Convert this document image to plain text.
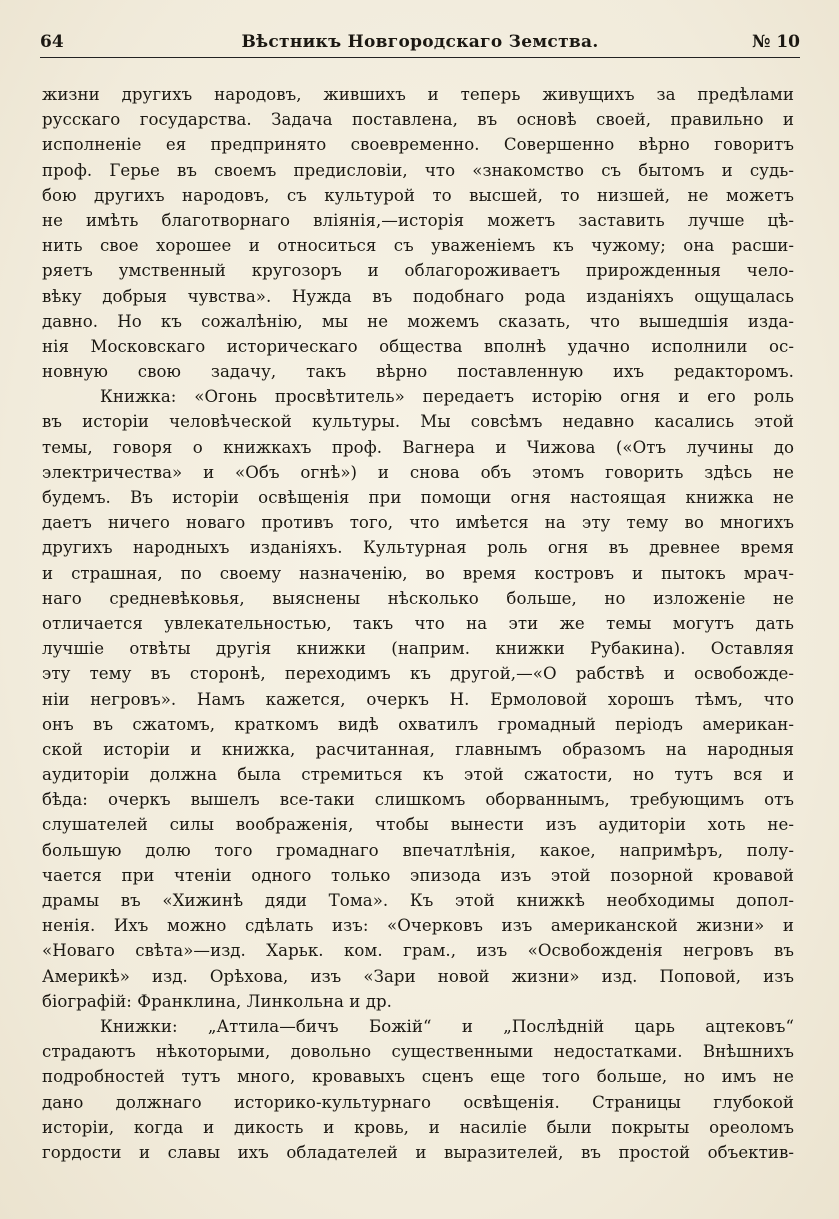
64	Вѣстникъ Новгородскаго Земства.	№ 10

жизни другихъ народовъ, жившихъ и теперь живущихъ за предѣлами
русскаго государства. Задача поставлена, въ основѣ своей, правильно и
исполненіе ея предпринято своевременно. Совершенно вѣрно говоритъ
проф. Герье въ своемъ предисловіи, что «знакомство съ бытомъ и судь-
бою другихъ народовъ, съ культурой то высшей, то низшей, не можетъ
не имѣть благотворнаго вліянія,—исторія можетъ заставить лучше цѣ-
нить свое хорошее и относиться съ уваженіемъ къ чужому; она расши-
ряетъ умственный кругозоръ и облагороживаетъ прирожденныя чело-
вѣку добрыя чувства». Нужда въ подобнаго рода изданіяхъ ощущалась
давно. Но къ сожалѣнію, мы не можемъ сказать, что вышедшія изда-
нія Московскаго историческаго общества вполнѣ удачно исполнили ос-
новную свою задачу, такъ вѣрно поставленную ихъ редакторомъ.

Книжка: «Огонь просвѣтитель» передаетъ исторію огня и его роль
въ исторіи человѣческой культуры. Мы совсѣмъ недавно касались этой
темы, говоря о книжкахъ проф. Вагнера и Чижова («Отъ лучины до
электричества» и «Объ огнѣ») и снова объ этомъ говорить здѣсь не
будемъ. Въ исторіи освѣщенія при помощи огня настоящая книжка не
даетъ ничего новаго противъ того, что имѣется на эту тему во многихъ
другихъ народныхъ изданіяхъ. Культурная роль огня въ древнее время
и страшная, по своему назначенію, во время костровъ и пытокъ мрач-
наго средневѣковья, выяснены нѣсколько больше, но изложеніе не
отличается увлекательностью, такъ что на эти же темы могутъ дать
лучшіе отвѣты другія книжки (наприм. книжки Рубакина). Оставляя
эту тему въ сторонѣ, переходимъ къ другой,—«О рабствѣ и освобожде-
ніи негровъ». Намъ кажется, очеркъ Н. Ермоловой хорошъ тѣмъ, что
онъ въ сжатомъ, краткомъ видѣ охватилъ громадный періодъ американ-
ской исторіи и книжка, расчитанная, главнымъ образомъ на народныя
аудиторіи должна была стремиться къ этой сжатости, но тутъ вся и
бѣда: очеркъ вышелъ все-таки слишкомъ оборваннымъ, требующимъ отъ
слушателей силы воображенія, чтобы вынести изъ аудиторіи хоть не-
большую долю того громаднаго впечатлѣнія, какое, напримѣръ, полу-
чается при чтеніи одного только эпизода изъ этой позорной кровавой
драмы въ «Хижинѣ дяди Тома». Къ этой книжкѣ необходимы допол-
ненія. Ихъ можно сдѣлать изъ: «Очерковъ изъ американской жизни» и
«Новаго свѣта»—изд. Харьк. ком. грам., изъ «Освобожденія негровъ въ
Америкѣ» изд. Орѣхова, изъ «Зари новой жизни» изд. Поповой, изъ
біографій: Франклина, Линкольна и др.

Книжки: „Аттила—бичъ Божій“ и „Послѣдній царь ацтековъ“
страдаютъ нѣкоторыми, довольно существенными недостатками. Внѣшнихъ
подробностей тутъ много, кровавыхъ сценъ еще того больше, но имъ не
дано должнаго историко-культурнаго освѣщенія. Страницы глубокой
исторіи, когда и дикость и кровь, и насиліе были покрыты ореоломъ
гордости и славы ихъ обладателей и выразителей, въ простой объектив-
